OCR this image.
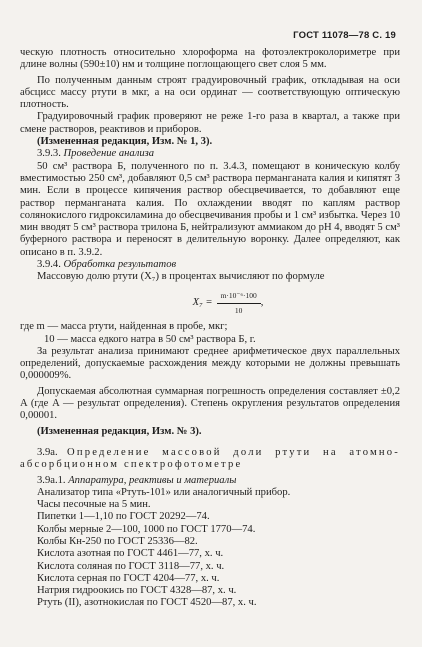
ГОСТ 11078—78 С. 19

ческую плотность относительно хлороформа на фотоэлектроколориметре при длине волны (590±10) нм и толщине поглощающего свет слоя 5 мм.

По полученным данным строят градуировочный график, откладывая на оси абсцисс массу ртути в мкг, а на оси ординат — соответствующую оптическую плотность.

Градуировочный график проверяют не реже 1-го раза в квартал, а также при смене растворов, реактивов и приборов.

(Измененная редакция, Изм. № 1, 3).

3.9.3. Проведение анализа

50 см³ раствора Б, полученного по п. 3.4.3, помещают в коническую колбу вместимостью 250 см³, добавляют 0,5 см³ раствора перманганата калия и кипятят 3 мин. Если в процессе кипячения раствор обесцвечивается, то добавляют еще раствор перманганата калия. По охлаждении вводят по каплям раствор солянокислого гидроксиламина до обесцвечивания пробы и 1 см³ избытка. Через 10 мин вводят 5 см³ раствора трилона Б, нейтрализуют аммиаком до рН 4, вводят 5 см³ буферного раствора и переносят в делительную воронку. Далее определяют, как описано в п. 3.9.2.

3.9.4. Обработка результатов

Массовую долю ртути (X₇) в процентах вычисляют по формуле

$X_7 = \frac{\text{m·10⁻⁶·100}}{10}$ ,

где m — масса ртути, найденная в пробе, мкг;

10 — масса едкого натра в 50 см³ раствора Б, г.

За результат анализа принимают среднее арифметическое двух параллельных определений, допускаемые расхождения между которыми не должны превышать 0,000009%.

Допускаемая абсолютная суммарная погрешность определения составляет ±0,2 A (где A — результат определения). Степень округления результатов определения 0,00001.

(Измененная редакция, Изм. № 3).

3.9а. Определение массовой доли ртути на атомно-абсорбционном спектрофотометре

3.9а.1. Аппаратура, реактивы и материалы

Анализатор типа «Ртуть-101» или аналогичный прибор.

Часы песочные на 5 мин.

Пипетки 1—1,10 по ГОСТ 20292—74.

Колбы мерные 2—100, 1000 по ГОСТ 1770—74.

Колбы Кн-250 по ГОСТ 25336—82.

Кислота азотная по ГОСТ 4461—77, х. ч.

Кислота соляная по ГОСТ 3118—77, х. ч.

Кислота серная по ГОСТ 4204—77, х. ч.

Натрия гидроокись по ГОСТ 4328—87, х. ч.

Ртуть (II), азотнокислая по ГОСТ 4520—87, х. ч.
